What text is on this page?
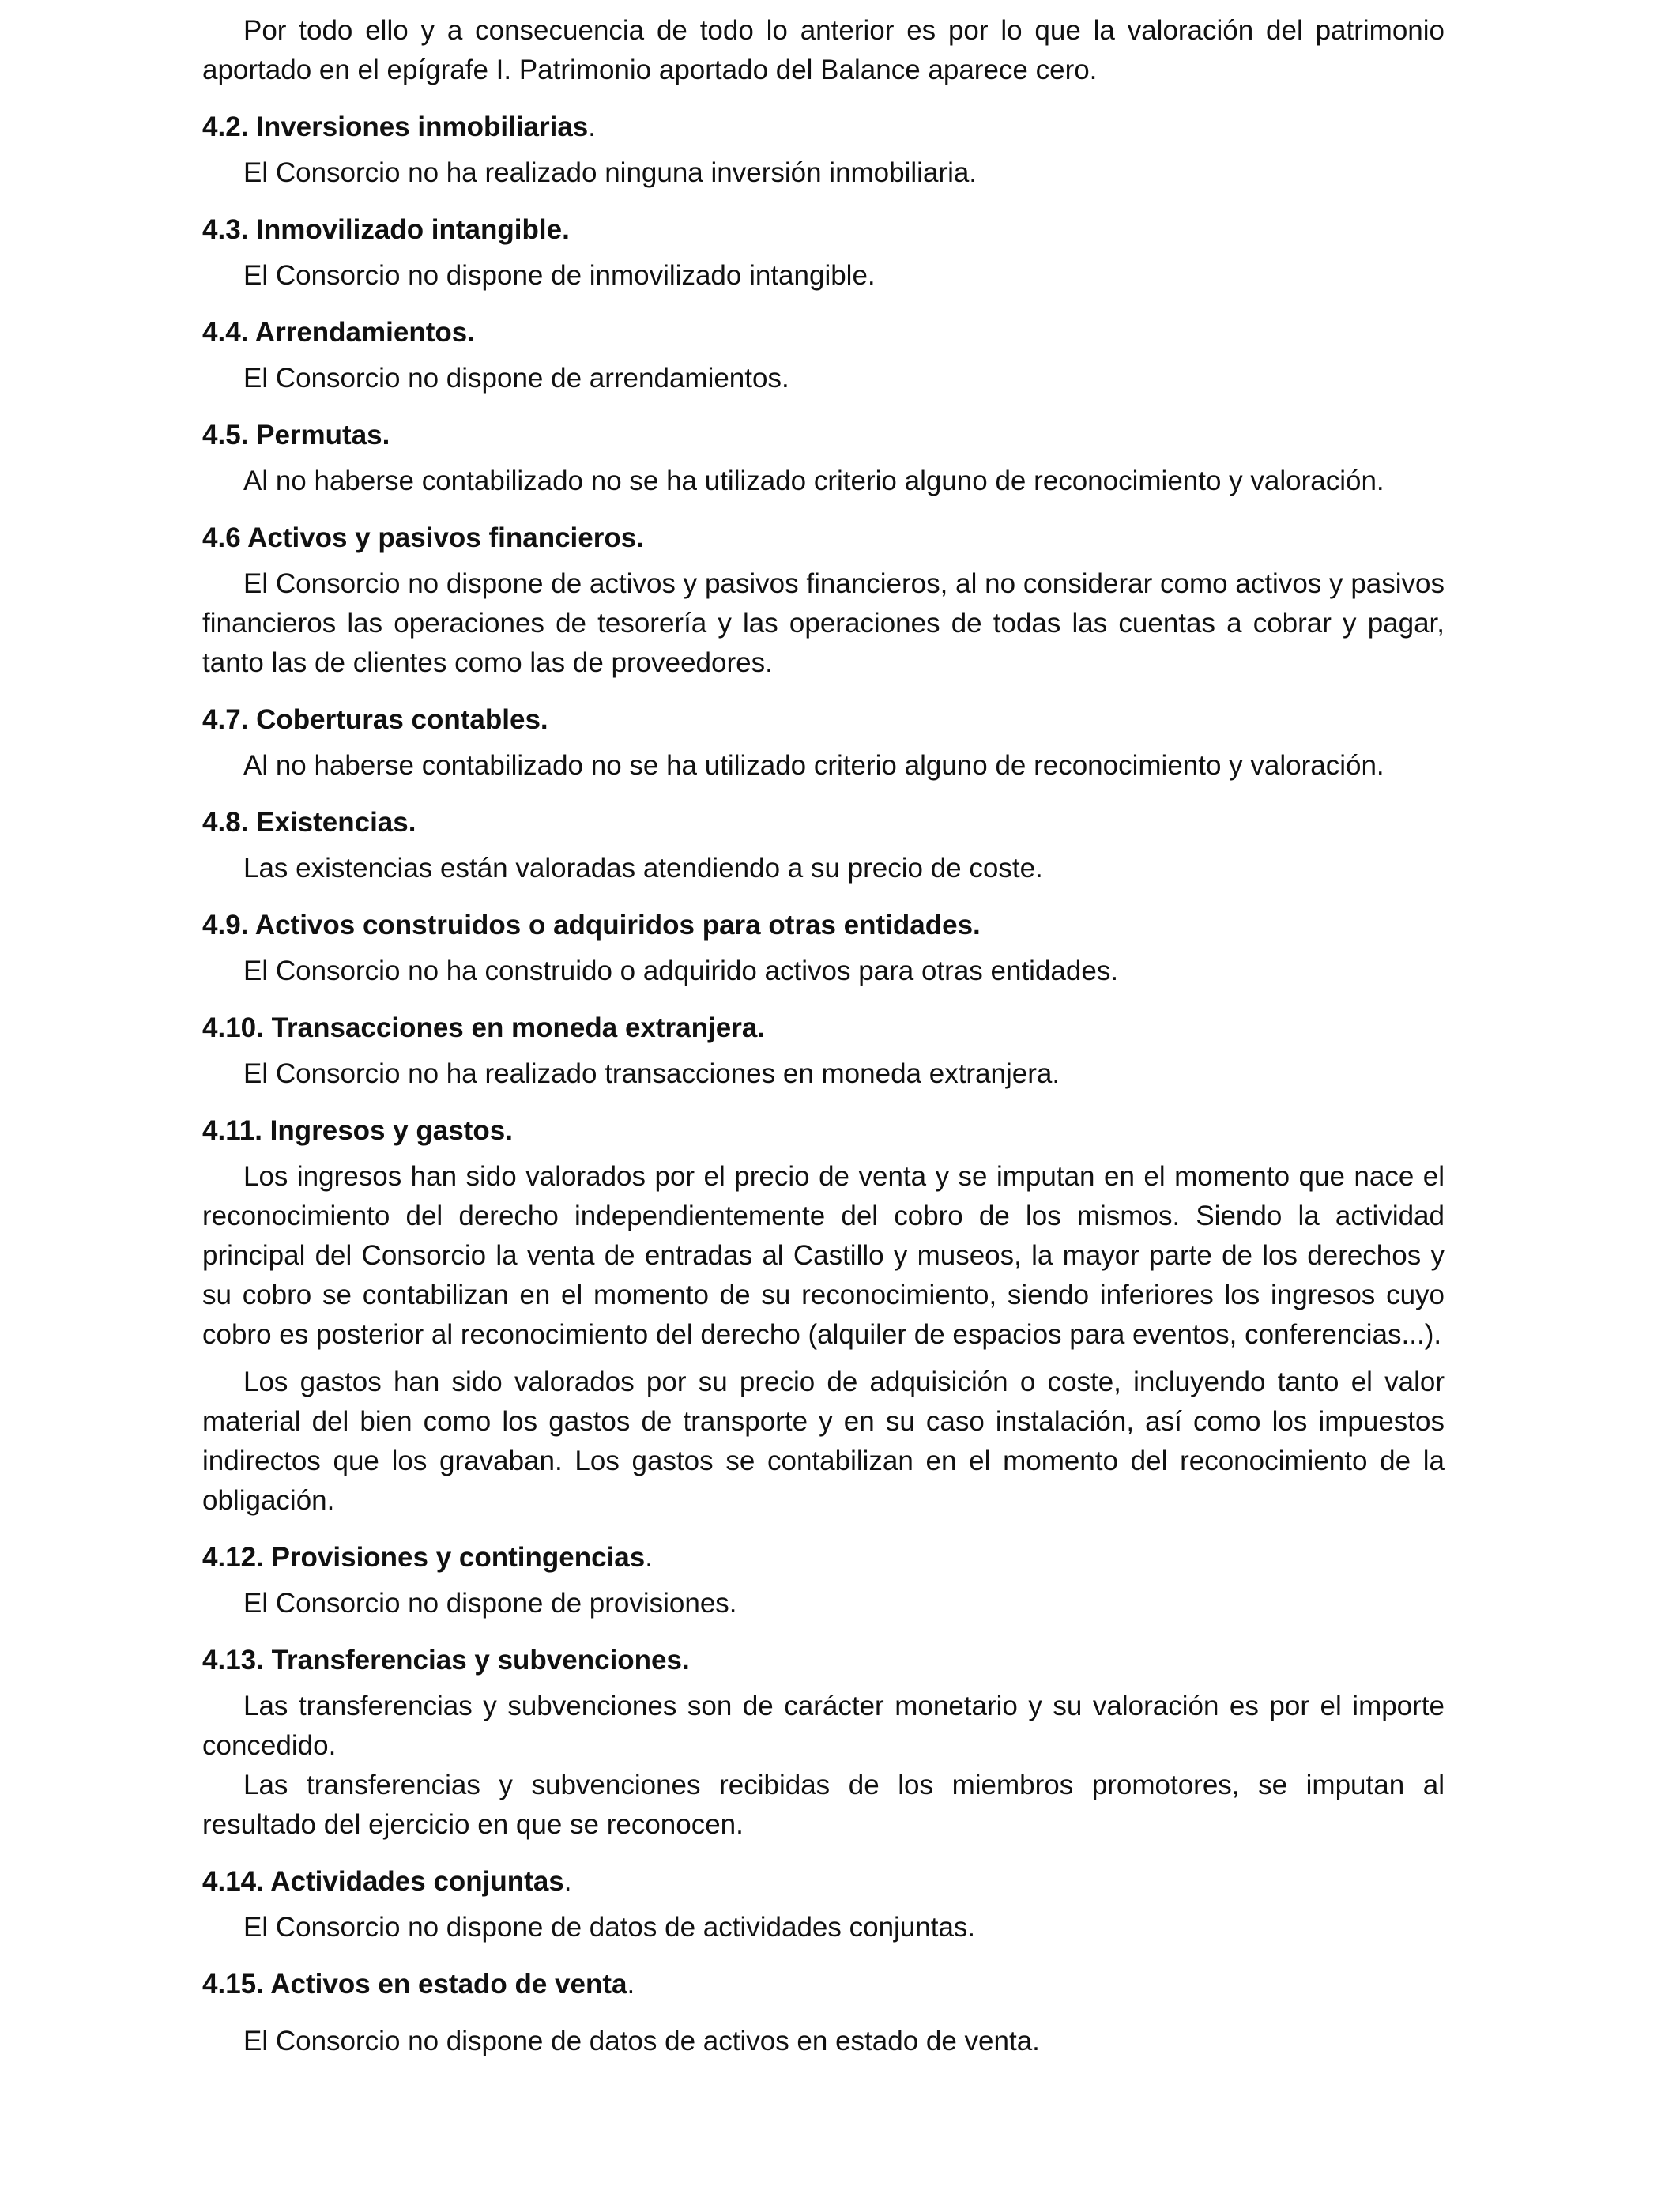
Por todo ello y a consecuencia de todo lo anterior es por lo que la valoración del patrimonio aportado en el epígrafe I. Patrimonio aportado del Balance aparece cero.

4.2. Inversiones inmobiliarias.

El Consorcio no ha realizado ninguna inversión inmobiliaria.

4.3. Inmovilizado intangible.

El Consorcio no dispone de inmovilizado intangible.

4.4. Arrendamientos.

El Consorcio no dispone de arrendamientos.

4.5. Permutas.

Al no haberse contabilizado no se ha utilizado criterio alguno de reconocimiento y valoración.

4.6 Activos y pasivos financieros.

El Consorcio no dispone de activos y pasivos financieros, al no considerar como activos y pasivos financieros las operaciones de tesorería y las operaciones de todas las cuentas a cobrar y pagar, tanto las de clientes como las de proveedores.

4.7. Coberturas contables.

Al no haberse contabilizado no se ha utilizado criterio alguno de reconocimiento y valoración.

4.8. Existencias.

Las existencias están valoradas atendiendo a su precio de coste.

4.9. Activos construidos o adquiridos para otras entidades.

El Consorcio no ha construido o adquirido activos para otras entidades.

4.10. Transacciones en moneda extranjera.

El Consorcio no ha realizado transacciones en moneda extranjera.

4.11. Ingresos y gastos.

Los ingresos han sido valorados por el precio de venta y se imputan en el momento que nace el reconocimiento del derecho independientemente del cobro de los mismos. Siendo la actividad principal del Consorcio la venta de entradas al Castillo y museos, la mayor parte de los derechos y su cobro se contabilizan en el momento de su reconocimiento, siendo inferiores los ingresos cuyo cobro es posterior al reconocimiento del derecho (alquiler de espacios para eventos, conferencias...).

Los gastos han sido valorados por su precio de adquisición o coste, incluyendo tanto el valor material del bien como los gastos de transporte y en su caso instalación, así como los impuestos indirectos que los gravaban. Los gastos se contabilizan en el momento del reconocimiento de la obligación.

4.12. Provisiones y contingencias.

El Consorcio no dispone de provisiones.

4.13. Transferencias y subvenciones.

Las transferencias y subvenciones son de carácter monetario y su valoración es por el importe concedido.

Las transferencias y subvenciones recibidas de los miembros promotores, se imputan al resultado del ejercicio en que se reconocen.

4.14. Actividades conjuntas.

El Consorcio no dispone de datos de actividades conjuntas.

4.15. Activos en estado de venta.

El Consorcio no dispone de datos de activos en estado de venta.
